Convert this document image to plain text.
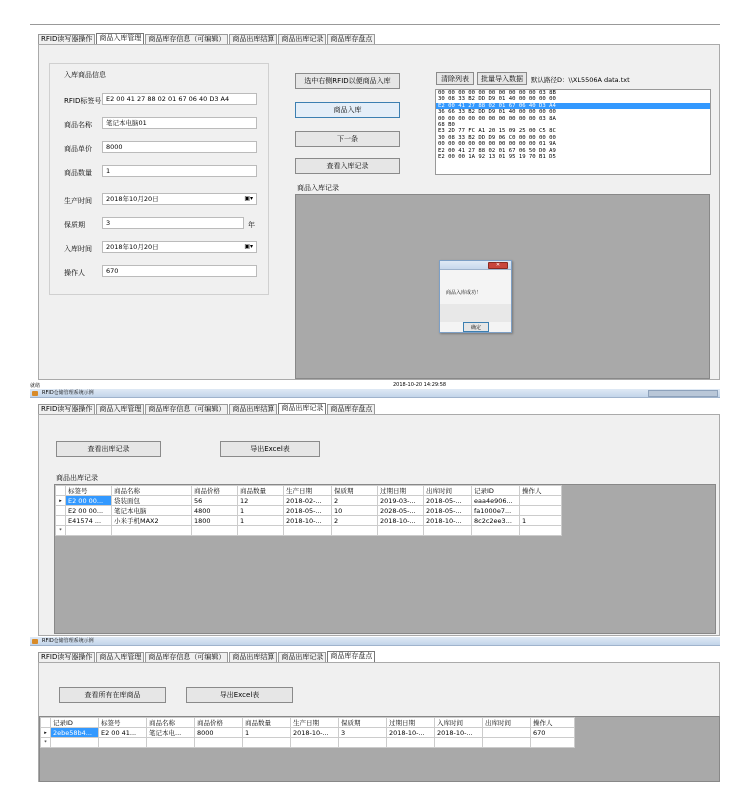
RFID读写器操作	商品入库管理	商品库存信息（可编辑）	商品出库结算	商品出库记录	商品库存盘点
入库商品信息
RFID标签号 E2 00 41 27 88 02 01 67 06 40 D3 A4
商品名称	笔记本电脑01
商品单价	8000
商品数量	1
生产时间	2018年10月20日	▣▾
保质期	3	年
入库时间	2018年10月20日	▣▾
操作人	670
选中右侧RFID以便商品入库
商品入库
下一条
查看入库记录
清除列表	批量导入数据	默认路径D：\\XL5506A data.txt
00 00 00 00 00 00 00 00 00 00 03 8B
30 08 33 B2 DD D9 01 40 00 00 00 00
E2 00 41 27 88 02 01 67 06 40 D3 A4
36 66 33 B2 DD D9 01 40 00 00 00 00
00 00 00 00 00 00 00 00 00 00 03 8A
68 B0
E3 2D 77 FC A1 20 15 09 25 00 C5 8C
30 08 33 B2 DD D9 06 C0 00 00 00 00
00 00 00 00 00 00 00 00 00 00 01 9A
E2 00 41 27 88 02 01 67 06 50 D0 A9
E2 00 00 1A 92 13 01 95 19 70 B1 D5
商品入库记录
✕
商品入库成功！
确定
就绪	2018-10-20 14:29:58
RFID仓储管理系统示例
RFID读写器操作	商品入库管理	商品库存信息（可编辑）	商品出库结算	商品出库记录	商品库存盘点
查看出库记录	导出Excel表
商品出库记录
	标签号	商品名称	商品价格	商品数量	生产日期	保质期	过期日期	出库时间	记录ID	操作人
▸	E2 00 00...	袋装面包	56	12	2018-02-...	2	2019-03-...	2018-05-...	eaa4e906...	
	E2 00 00...	笔记本电脑	4800	1	2018-05-...	10	2028-05-...	2018-05-...	fa1000e7...	
	E41574 ...	小米手机MAX2	1800	1	2018-10-...	2	2018-10-...	2018-10-...	8c2c2ee3...	1
*										
RFID仓储管理系统示例
RFID读写器操作	商品入库管理	商品库存信息（可编辑）	商品出库结算	商品出库记录	商品库存盘点
查看所有在库商品	导出Excel表
	记录ID	标签号	商品名称	商品价格	商品数量	生产日期	保质期	过期日期	入库时间	出库时间	操作人
▸	2ebe58b4...	E2 00 41...	笔记本电...	8000	1	2018-10-...	3	2018-10-...	2018-10-...		670
*											
